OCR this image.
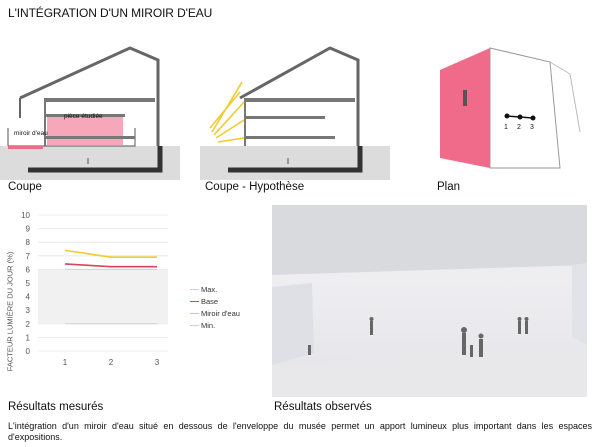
L'INTÉGRATION D'UN MIROIR D'EAU
pièce étudiée
miroir d'eau
Coupe	Coupe - Hypothèse
1 2 3
Plan
0
1
2
3
4
5
6
7
8
9
10
1	2	3
FACTEUR LUMIÈRE DU JOUR (%)	Max.
Base
Miroir d'eau
Min.
Résultats mesurés	Résultats observés
L'intégration d'un miroir d'eau situé en dessous de l'enveloppe du musée permet un apport lumineux plus important dans les espaces d'expositions.
